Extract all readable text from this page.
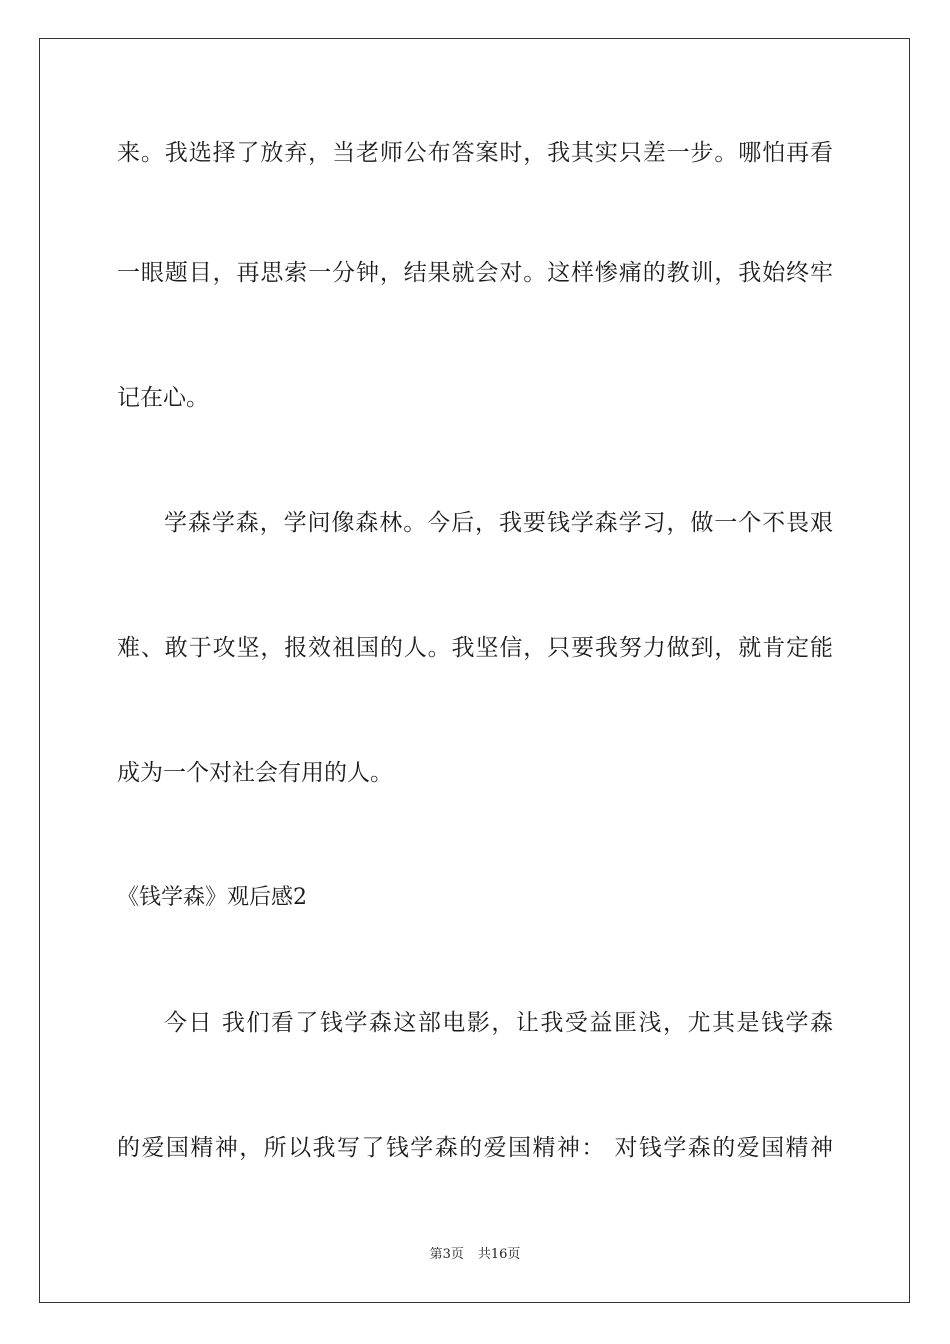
来。我选择了放弃，当老师公布答案时，我其实只差一步。哪怕再看
一眼题目，再思索一分钟，结果就会对。这样惨痛的教训，我始终牢
记在心。
学森学森，学问像森林。今后，我要钱学森学习，做一个不畏艰
难、敢于攻坚，报效祖国的人。我坚信，只要我努力做到，就肯定能
成为一个对社会有用的人。
《钱学森》观后感2
今日 我们看了钱学森这部电影，让我受益匪浅，尤其是钱学森
的爱国精神，所以我写了钱学森的爱国精神： 对钱学森的爱国精神
第3页 共16页
